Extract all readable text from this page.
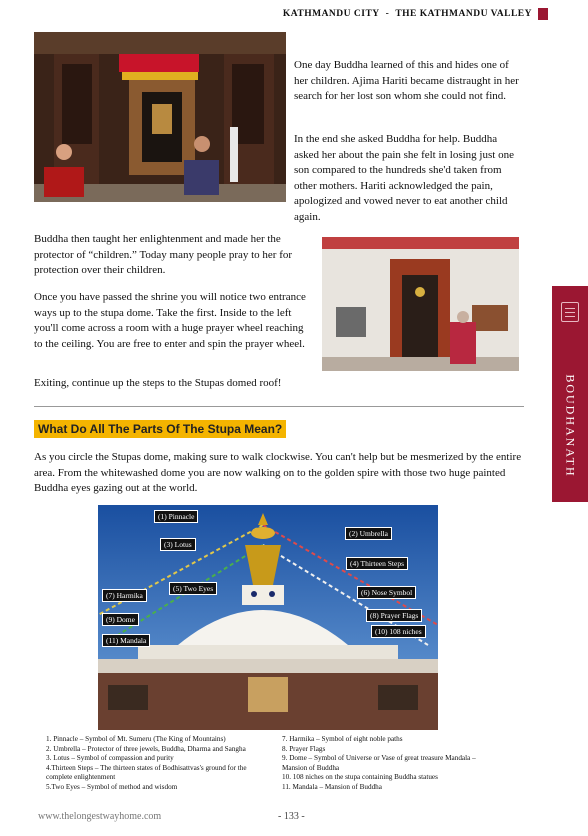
KATHMANDU CITY - THE KATHMANDU VALLEY
BOUDHANATH
One day Buddha learned of this and hides one of her children. Ajima Hariti became distraught in her search for her lost son whom she could not find.
In the end she asked Buddha for help. Buddha asked her about the pain she felt in losing just one son compared to the hundreds she'd taken from other mothers. Hariti acknowledged the pain, apologized and vowed never to eat another child again.
Buddha then taught her enlightenment and made her the protector of “children.” Today many people pray to her for protection over their children.
Once you have passed the shrine you will notice two entrance ways up to the stupa dome. Take the first. Inside to the left you'll come across a room with a huge prayer wheel reaching to the ceiling. You are free to enter and spin the prayer wheel.
Exiting, continue up the steps to the Stupas domed roof!
What Do All The Parts Of The Stupa Mean?
As you circle the Stupas dome, making sure to walk clockwise. You can't help but be mesmerized by the entire area. From the whitewashed dome you are now walking on to the golden spire with those two huge painted Buddha eyes gazing out at the world.
(1) Pinnacle
(2) Umbrella
(3) Lotus
(4) Thirteen Steps
(5) Two Eyes
(7) Harmika	(6) Nose Symbol
(8) Prayer Flags
(9) Dome
(10) 108 niches
(11) Mandala
1. Pinnacle – Symbol of Mt. Sumeru (The King of Mountains)
2. Umbrella – Protector of three jewels, Buddha, Dharma and Sangha
3. Lotus – Symbol of compassion and purity
4.Thirteen Steps – The thirteen states of Bodhisattvas's ground for the
complete enlightenment
5.Two Eyes – Symbol of method and wisdom
7. Harmika – Symbol of eight noble paths
8. Prayer Flags
9. Dome – Symbol of Universe or Vase of great treasure Mandala –
Mansion of Buddha
10. 108 niches on the stupa containing Buddha statues
11. Mandala – Mansion of Buddha
www.thelongestwayhome.com	- 133 -
